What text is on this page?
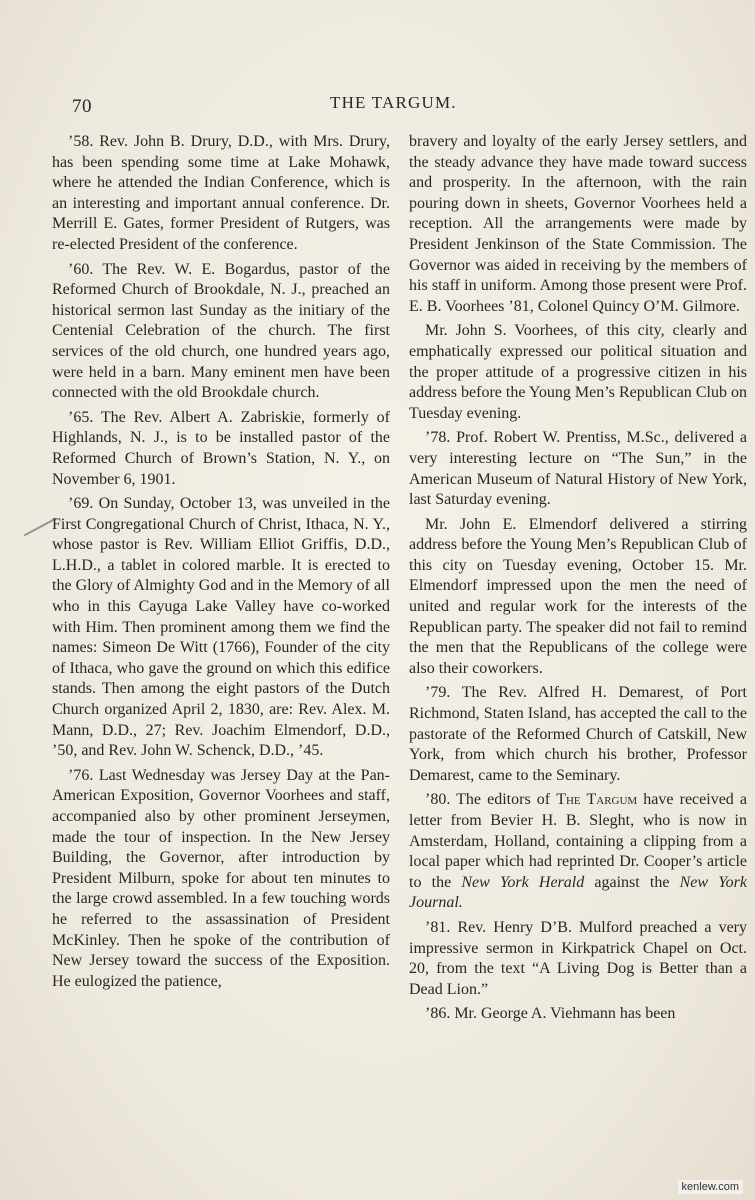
70	THE TARGUM.

’58. Rev. John B. Drury, D.D., with Mrs. Drury, has been spending some time at Lake Mohawk, where he attended the Indian Conference, which is an interesting and important annual conference. Dr. Merrill E. Gates, former President of Rutgers, was re-elected President of the conference.

’60. The Rev. W. E. Bogardus, pastor of the Reformed Church of Brookdale, N. J., preached an historical sermon last Sunday as the initiary of the Centenial Celebration of the church. The first services of the old church, one hundred years ago, were held in a barn. Many eminent men have been connected with the old Brookdale church.

’65. The Rev. Albert A. Zabriskie, formerly of Highlands, N. J., is to be installed pastor of the Reformed Church of Brown’s Station, N. Y., on November 6, 1901.

’69. On Sunday, October 13, was unveiled in the First Congregational Church of Christ, Ithaca, N. Y., whose pastor is Rev. William Elliot Griffis, D.D., L.H.D., a tablet in colored marble. It is erected to the Glory of Almighty God and in the Memory of all who in this Cayuga Lake Valley have co-worked with Him. Then prominent among them we find the names: Simeon De Witt (1766), Founder of the city of Ithaca, who gave the ground on which this edifice stands. Then among the eight pastors of the Dutch Church organized April 2, 1830, are: Rev. Alex. M. Mann, D.D., 27; Rev. Joachim Elmendorf, D.D., ’50, and Rev. John W. Schenck, D.D., ’45.

’76. Last Wednesday was Jersey Day at the Pan-American Exposition, Governor Voorhees and staff, accompanied also by other prominent Jerseymen, made the tour of inspection. In the New Jersey Building, the Governor, after introduction by President Milburn, spoke for about ten minutes to the large crowd assembled. In a few touching words he referred to the assassination of President McKinley. Then he spoke of the contribution of New Jersey toward the success of the Exposition. He eulogized the patience,

bravery and loyalty of the early Jersey settlers, and the steady advance they have made toward success and prosperity. In the afternoon, with the rain pouring down in sheets, Governor Voorhees held a reception. All the arrangements were made by President Jenkinson of the State Commission. The Governor was aided in receiving by the members of his staff in uniform. Among those present were Prof. E. B. Voorhees ’81, Colonel Quincy O’M. Gilmore.

Mr. John S. Voorhees, of this city, clearly and emphatically expressed our political situation and the proper attitude of a progressive citizen in his address before the Young Men’s Republican Club on Tuesday evening.

’78. Prof. Robert W. Prentiss, M.Sc., delivered a very interesting lecture on “The Sun,” in the American Museum of Natural History of New York, last Saturday evening.

Mr. John E. Elmendorf delivered a stirring address before the Young Men’s Republican Club of this city on Tuesday evening, October 15. Mr. Elmendorf impressed upon the men the need of united and regular work for the interests of the Republican party. The speaker did not fail to remind the men that the Republicans of the college were also their coworkers.

’79. The Rev. Alfred H. Demarest, of Port Richmond, Staten Island, has accepted the call to the pastorate of the Reformed Church of Catskill, New York, from which church his brother, Professor Demarest, came to the Seminary.

’80. The editors of The Targum have received a letter from Bevier H. B. Sleght, who is now in Amsterdam, Holland, containing a clipping from a local paper which had reprinted Dr. Cooper’s article to the New York Herald against the New York Journal.

’81. Rev. Henry D’B. Mulford preached a very impressive sermon in Kirkpatrick Chapel on Oct. 20, from the text “A Living Dog is Better than a Dead Lion.”

’86. Mr. George A. Viehmann has been

kenlew.com
